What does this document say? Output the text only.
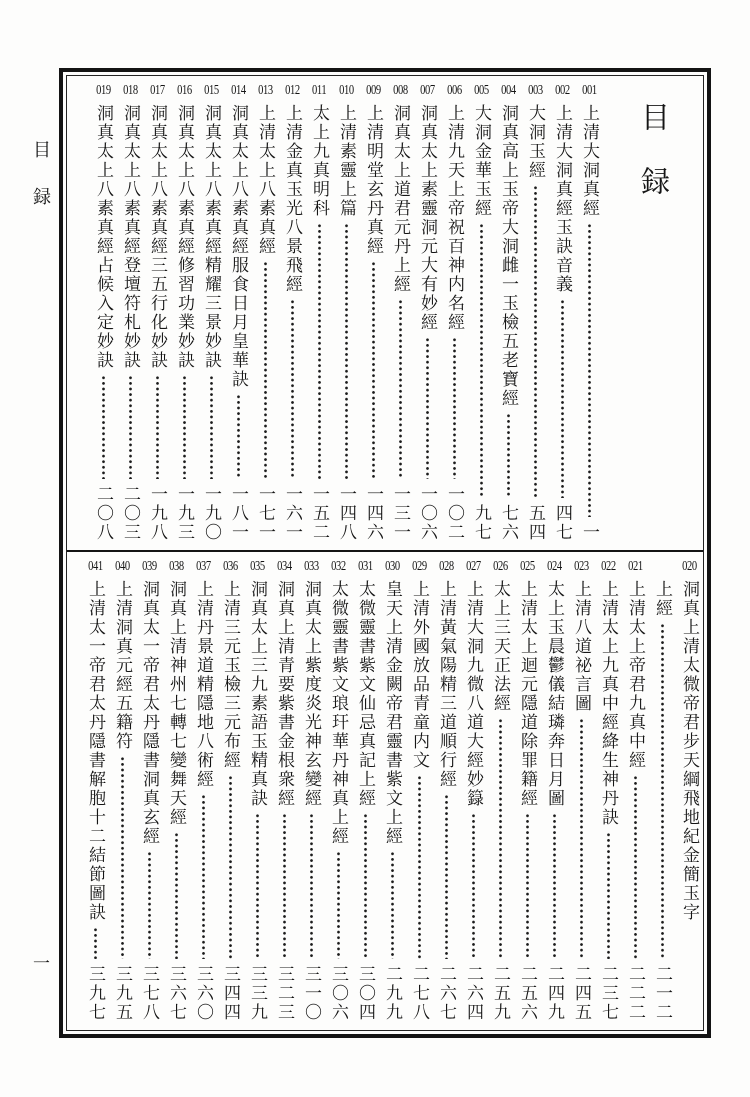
目録
一
目録
001
上清大洞真經
一
002
上清大洞真經玉訣音義
四七
003
大洞玉經
五四
004
洞真高上玉帝大洞雌一玉檢五老寶經
七六
005
大洞金華玉經
九七
006
上清九天上帝祝百神内名經
一〇二
007
洞真太上素靈洞元大有妙經
一〇六
008
洞真太上道君元丹上經
一三一
009
上清明堂玄丹真經
一四六
010
上清素靈上篇
一四八
011
太上九真明科
一五二
012
上清金真玉光八景飛經
一六一
013
上清太上八素真經
一七一
014
洞真太上八素真經服食日月皇華訣
一八一
015
洞真太上八素真經精耀三景妙訣
一九〇
016
洞真太上八素真經修習功業妙訣
一九三
017
洞真太上八素真經三五行化妙訣
一九八
018
洞真太上八素真經登壇符札妙訣
二〇三
019
洞真太上八素真經占候入定妙訣
二〇八
020
洞真上清太微帝君步天綱飛地紀金簡玉字
上經
二一二
021
上清太上帝君九真中經
二二二
022
上清太上九真中經絳生神丹訣
二三七
023
上清八道祕言圖
二四五
024
太上玉晨鬱儀結璘奔日月圖
二四九
025
上清太上迴元隱道除罪籍經
二五六
026
太上三天正法經
二五九
027
上清大洞九微八道大經妙籙
二六四
028
上清黃氣陽精三道順行經
二六七
029
上清外國放品青童内文
二七八
030
皇天上清金闕帝君靈書紫文上經
二九九
031
太微靈書紫文仙忌真記上經
三〇四
032
太微靈書紫文琅玕華丹神真上經
三〇六
033
洞真太上紫度炎光神玄變經
三一〇
034
洞真上清青要紫書金根衆經
三二三
035
洞真太上三九素語玉精真訣
三三九
036
上清三元玉檢三元布經
三四四
037
上清丹景道精隱地八術經
三六〇
038
洞真上清神州七轉七變舞天經
三六七
039
洞真太一帝君太丹隱書洞真玄經
三七八
040
上清洞真元經五籍符
三九五
041
上清太一帝君太丹隱書解胞十二結節圖訣
三九七
